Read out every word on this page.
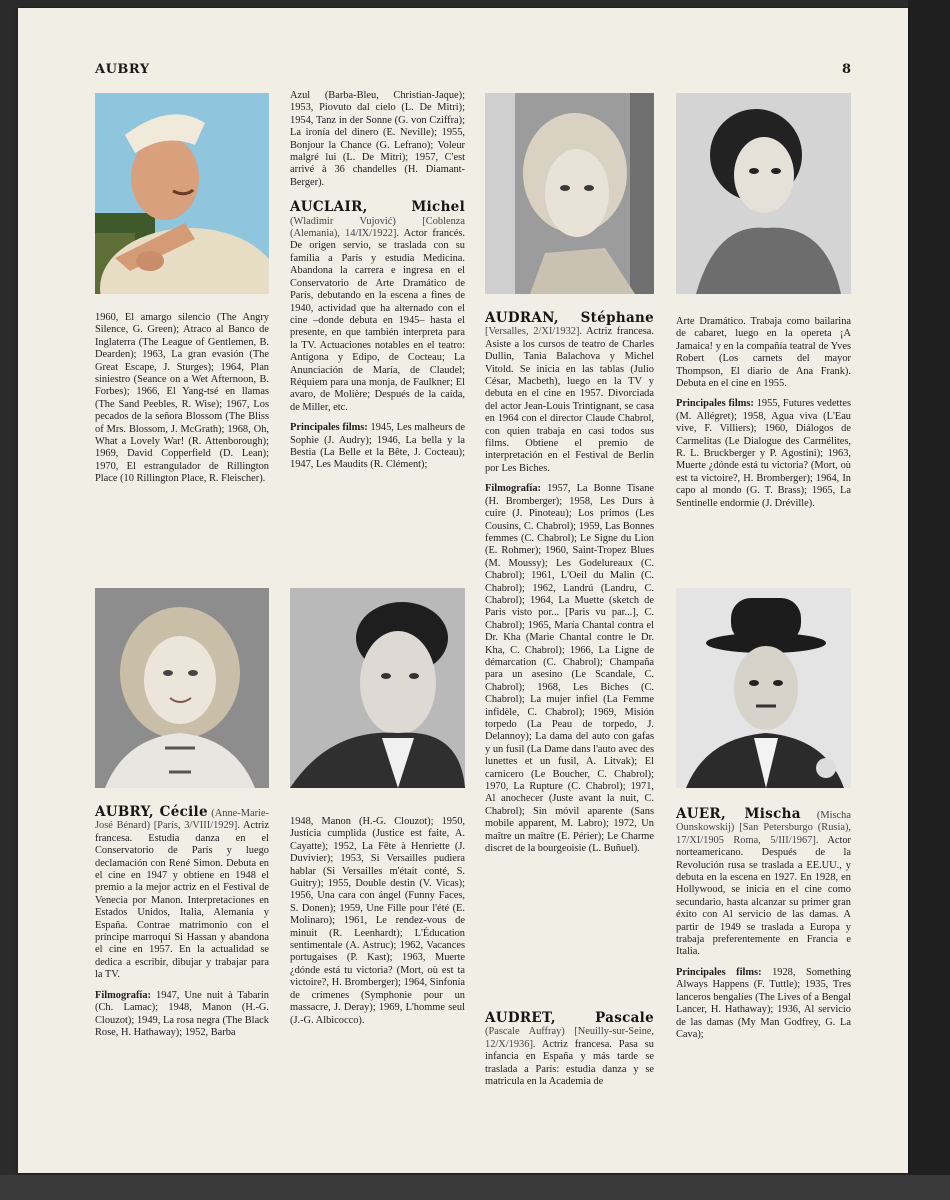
AUBRY	8

1960, El amargo silencio (The Angry Silence, G. Green); Atraco al Banco de Inglaterra (The League of Gentlemen, B. Dearden); 1963, La gran evasión (The Great Escape, J. Sturges); 1964, Plan siniestro (Seance on a Wet Afternoon, B. Forbes); 1966, El Yang-tsé en llamas (The Sand Peebles, R. Wise); 1967, Los pecados de la señora Blossom (The Bliss of Mrs. Blossom, J. McGrath); 1968, Oh, What a Lovely War! (R. Attenborough); 1969, David Copperfield (D. Lean); 1970, El estrangulador de Rillington Place (10 Rillington Place, R. Fleischer).

Azul (Barba-Bleu, Christian-Jaque); 1953, Piovuto dal cielo (L. De Mitri); 1954, Tanz in der Sonne (G. von Cziffra); La ironía del dinero (E. Neville); 1955, Bonjour la Chance (G. Lefrano); Voleur malgré lui (L. De Mitri); 1957, C'est arrivé à 36 chandelles (H. Diamant-Berger).

AUCLAIR, Michel (Wladimir Vujović) [Coblenza (Alemania), 14/IX/1922]. Actor francés. De origen servio, se traslada con su familia a París y estudia Medicina. Abandona la carrera e ingresa en el Conservatorio de Arte Dramático de París, debutando en la escena a fines de 1940, actividad que ha alternado con el cine –donde debuta en 1945– hasta el presente, en que también interpreta para la TV. Actuaciones notables en el teatro: Antigona y Edipo, de Cocteau; La Anunciación de María, de Claudel; Réquiem para una monja, de Faulkner; El avaro, de Molière; Después de la caída, de Miller, etc.

Principales films: 1945, Les malheurs de Sophie (J. Audry); 1946, La bella y la Bestia (La Belle et la Bête, J. Cocteau); 1947, Les Maudits (R. Clément);

AUDRAN, Stéphane [Versalles, 2/XI/1932]. Actriz francesa. Asiste a los cursos de teatro de Charles Dullin, Tania Balachova y Michel Vitold. Se inicia en las tablas (Julio César, Macbeth), luego en la TV y debuta en el cine en 1957. Divorciada del actor Jean-Louis Trintignant, se casa en 1964 con el director Claude Chabrol, con quien trabaja en casi todos sus films. Obtiene el premio de interpretación en el Festival de Berlín por Les Biches.

Filmografía: 1957, La Bonne Tisane (H. Bromberger); 1958, Les Durs à cuire (J. Pinoteau); Los primos (Les Cousins, C. Chabrol); 1959, Las Bonnes femmes (C. Chabrol); Le Signe du Lion (E. Rohmer); 1960, Saint-Tropez Blues (M. Moussy); Les Godelureaux (C. Chabrol); 1961, L'Oeil du Malin (C. Chabrol); 1962, Landrú (Landru, C. Chabrol); 1964, La Muette (sketch de Paris visto por... [Paris vu par...], C. Chabrol); 1965, María Chantal contra el Dr. Kha (Marie Chantal contre le Dr. Kha, C. Chabrol); 1966, La Ligne de démarcation (C. Chabrol); Champaña para un asesino (Le Scandale, C. Chabrol); 1968, Les Biches (C. Chabrol); La mujer infiel (La Femme infidèle, C. Chabrol); 1969, Misión torpedo (La Peau de torpedo, J. Delannoy); La dama del auto con gafas y un fusil (La Dame dans l'auto avec des lunettes et un fusil, A. Litvak); El carnicero (Le Boucher, C. Chabrol); 1970, La Rupture (C. Chabrol); 1971, Al anochecer (Juste avant la nuit, C. Chabrol); Sin móvil aparente (Sans mobile apparent, M. Labro); 1972, Un maître un maître (E. Périer); Le Charme discret de la bourgeoisie (L. Buñuel).

Arte Dramático. Trabaja como bailarina de cabaret, luego en la opereta ¡A Jamaica! y en la compañía teatral de Yves Robert (Los carnets del mayor Thompson, El diario de Ana Frank). Debuta en el cine en 1955.

Principales films: 1955, Futures vedettes (M. Allégret); 1958, Agua viva (L'Eau vive, F. Villiers); 1960, Diálogos de Carmelitas (Le Dialogue des Carmélites, R. L. Bruckberger y P. Agostini); 1963, Muerte ¿dónde está tu victoria? (Mort, où est ta victoire?, H. Bromberger); 1964, In capo al mondo (G. T. Brass); 1965, La Sentinelle endormie (J. Dréville).

AUBRY, Cécile (Anne-Marie-José Bénard) [París, 3/VIII/1929]. Actriz francesa. Estudia danza en el Conservatorio de París y luego declamación con René Simon. Debuta en el cine en 1947 y obtiene en 1948 el premio a la mejor actriz en el Festival de Venecia por Manon. Interpretaciones en Estados Unidos, Italia, Alemania y España. Contrae matrimonio con el príncipe marroquí Si Hassan y abandona el cine en 1957. En la actualidad se dedica a escribir, dibujar y trabajar para la TV.

Filmografía: 1947, Une nuit à Tabarin (Ch. Lamac); 1948, Manon (H.-G. Clouzot); 1949, La rosa negra (The Black Rose, H. Hathaway); 1952, Barba

1948, Manon (H.-G. Clouzot); 1950, Justicia cumplida (Justice est faite, A. Cayatte); 1952, La Fête à Henriette (J. Duvivier); 1953, Si Versailles pudiera hablar (Si Versailles m'était conté, S. Guitry); 1955, Double destin (V. Vicas); 1956, Una cara con ángel (Funny Faces, S. Donen); 1959, Une Fille pour l'été (E. Molinaro); 1961, Le rendez-vous de minuit (R. Leenhardt); L'Éducation sentimentale (A. Astruc); 1962, Vacances portugaises (P. Kast); 1963, Muerte ¿dónde está tu victoria? (Mort, où est ta victoire?, H. Bromberger); 1964, Sinfonía de crímenes (Symphonie pour un massacre, J. Deray); 1969, L'homme seul (J.-G. Albicocco).	AUDRET, Pascale (Pascale Auffray) [Neuilly-sur-Seine, 12/X/1936]. Actriz francesa. Pasa su infancia en España y más tarde se traslada a París: estudia danza y se matricula en la Academia de

AUER, Mischa (Mischa Ounskowskij) [San Petersburgo (Rusia), 17/XI/1905 Roma, 5/III/1967]. Actor norteamericano. Después de la Revolución rusa se traslada a EE.UU., y debuta en la escena en 1927. En 1928, en Hollywood, se inicia en el cine como secundario, hasta alcanzar su primer gran éxito con Al servicio de las damas. A partir de 1949 se traslada a Europa y trabaja preferentemente en Francia e Italia.

Principales films: 1928, Something Always Happens (F. Tuttle); 1935, Tres lanceros bengalíes (The Lives of a Bengal Lancer, H. Hathaway); 1936, Al servicio de las damas (My Man Godfrey, G. La Cava);
